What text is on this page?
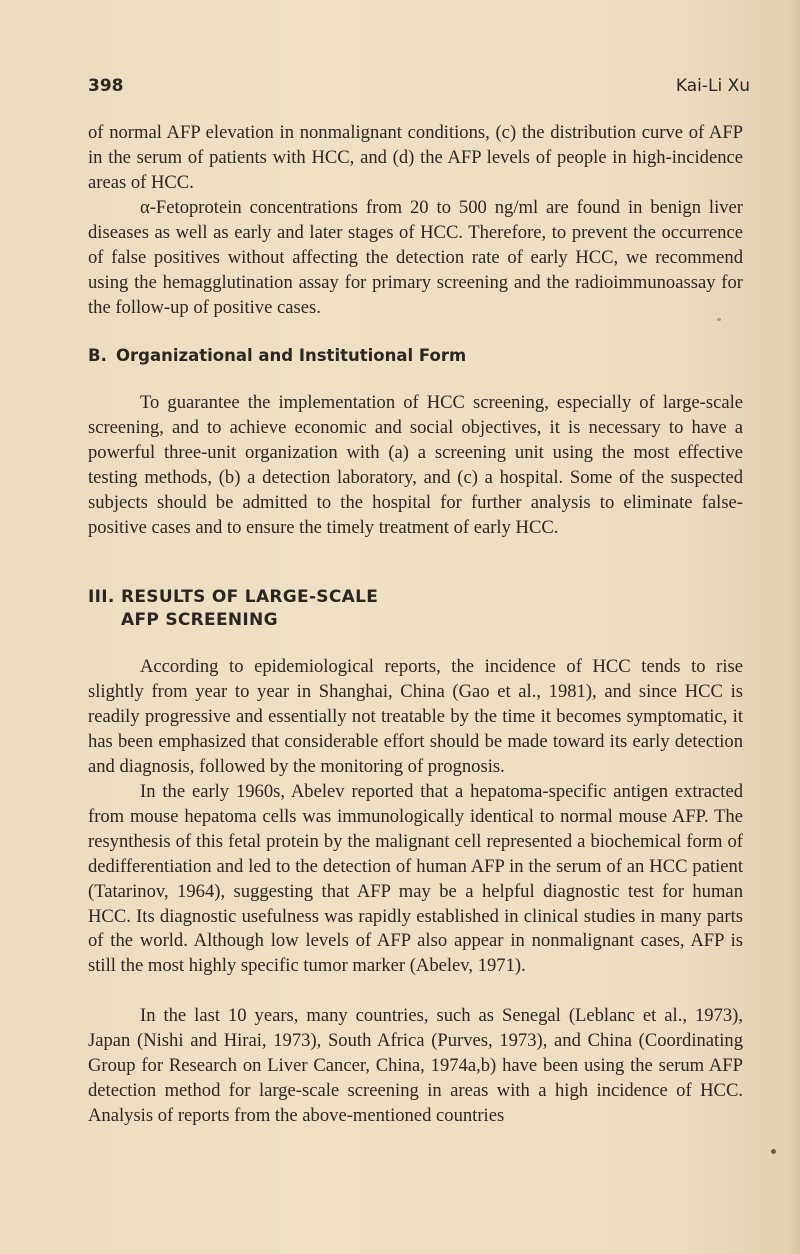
398	Kai-Li Xu

of normal AFP elevation in nonmalignant conditions, (c) the distribution curve of AFP in the serum of patients with HCC, and (d) the AFP levels of people in high-incidence areas of HCC.

α-Fetoprotein concentrations from 20 to 500 ng/ml are found in benign liver diseases as well as early and later stages of HCC. Therefore, to prevent the occurrence of false positives without affecting the detection rate of early HCC, we recommend using the hemagglutination assay for primary screening and the radioimmunoassay for the follow-up of positive cases.

B. Organizational and Institutional Form

To guarantee the implementation of HCC screening, especially of large-scale screening, and to achieve economic and social objectives, it is necessary to have a powerful three-unit organization with (a) a screening unit using the most effective testing methods, (b) a detection laboratory, and (c) a hospital. Some of the suspected subjects should be admitted to the hospital for further analysis to eliminate false-positive cases and to ensure the timely treatment of early HCC.

III. RESULTS OF LARGE-SCALE
AFP SCREENING

According to epidemiological reports, the incidence of HCC tends to rise slightly from year to year in Shanghai, China (Gao et al., 1981), and since HCC is readily progressive and essentially not treatable by the time it becomes symptomatic, it has been emphasized that considerable effort should be made toward its early detection and diagnosis, followed by the monitoring of prognosis.

In the early 1960s, Abelev reported that a hepatoma-specific antigen extracted from mouse hepatoma cells was immunologically identical to normal mouse AFP. The resynthesis of this fetal protein by the malignant cell represented a biochemical form of dedifferentiation and led to the detection of human AFP in the serum of an HCC patient (Tatarinov, 1964), suggesting that AFP may be a helpful diagnostic test for human HCC. Its diagnostic usefulness was rapidly established in clinical studies in many parts of the world. Although low levels of AFP also appear in nonmalignant cases, AFP is still the most highly specific tumor marker (Abelev, 1971).

In the last 10 years, many countries, such as Senegal (Leblanc et al., 1973), Japan (Nishi and Hirai, 1973), South Africa (Purves, 1973), and China (Coordinating Group for Research on Liver Cancer, China, 1974a,b) have been using the serum AFP detection method for large-scale screening in areas with a high incidence of HCC. Analysis of reports from the above-mentioned countries
